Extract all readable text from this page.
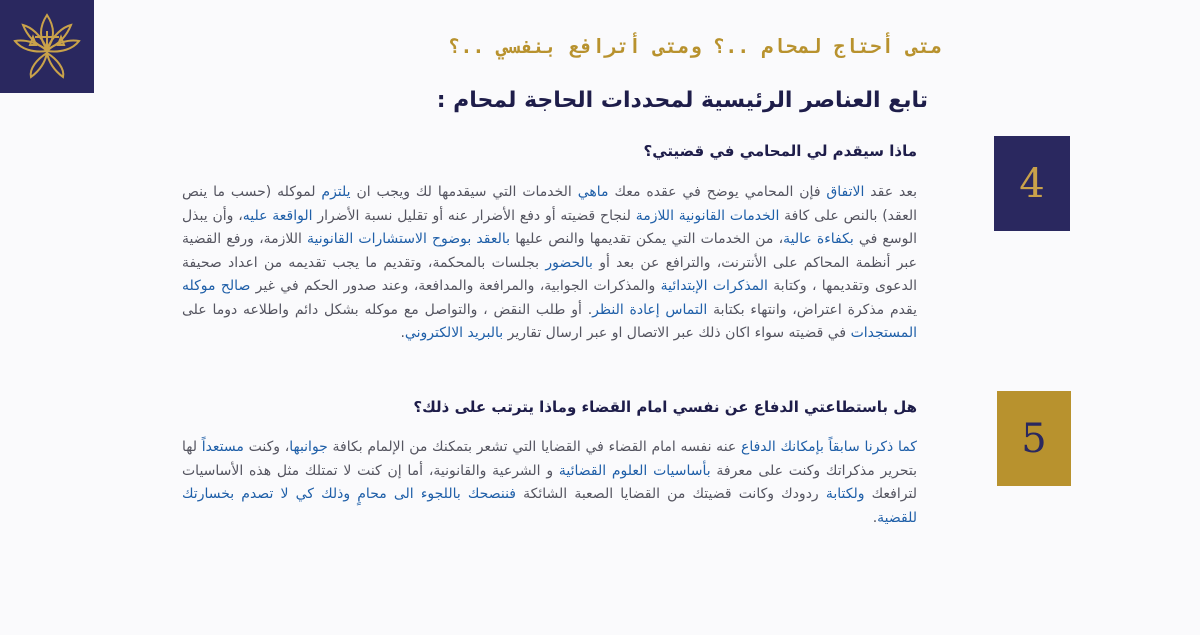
متى أحتاج لمحام ..؟ ومتى أترافع بنفسي ..؟
تابع العناصر الرئيسية لمحددات الحاجة لمحام :
4
5

ماذا سيقدم لي المحامي في قضيتي؟

بعد عقد الاتفاق فإن المحامي يوضح في عقده معك ماهي الخدمات التي سيقدمها لك ويجب ان يلتزم لموكله (حسب ما ينص العقد) بالنص على كافة الخدمات القانونية اللازمة لنجاح قضيته أو دفع الأضرار عنه أو تقليل نسبة الأضرار الواقعة عليه، وأن يبذل الوسع في بكفاءة عالية، من الخدمات التي يمكن تقديمها والنص عليها بالعقد بوضوح الاستشارات القانونية اللازمة، ورفع القضية عبر أنظمة المحاكم على الأنترنت، والترافع عن بعد أو بالحضور بجلسات بالمحكمة، وتقديم ما يجب تقديمه من اعداد صحيفة الدعوى وتقديمها ، وكتابة المذكرات الإبتدائية والمذكرات الجوابية، والمرافعة والمدافعة، وعند صدور الحكم في غير صالح موكله يقدم مذكرة اعتراض، وانتهاء بكتابة التماس إعادة النظر. أو طلب النقض ، والتواصل مع موكله بشكل دائم واطلاعه دوما على المستجدات في قضيته سواء اكان ذلك عبر الاتصال او عبر ارسال تقارير بالبريد الالكتروني.

هل باستطاعتي الدفاع عن نفسي امام القضاء وماذا يترتب على ذلك؟

كما ذكرنا سابقاً بإمكانك الدفاع عنه نفسه امام القضاء في القضايا التي تشعر بتمكنك من الإلمام بكافة جوانبها، وكنت مستعداً لها بتحرير مذكراتك وكنت على معرفة بأساسيات العلوم القضائية و الشرعية والقانونية، أما إن كنت لا تمتلك مثل هذه الأساسيات لترافعك ولكتابة ردودك وكانت قضيتك من القضايا الصعبة الشائكة فننصحك باللجوء الى محامٍ وذلك كي لا تصدم بخسارتك للقضية.
